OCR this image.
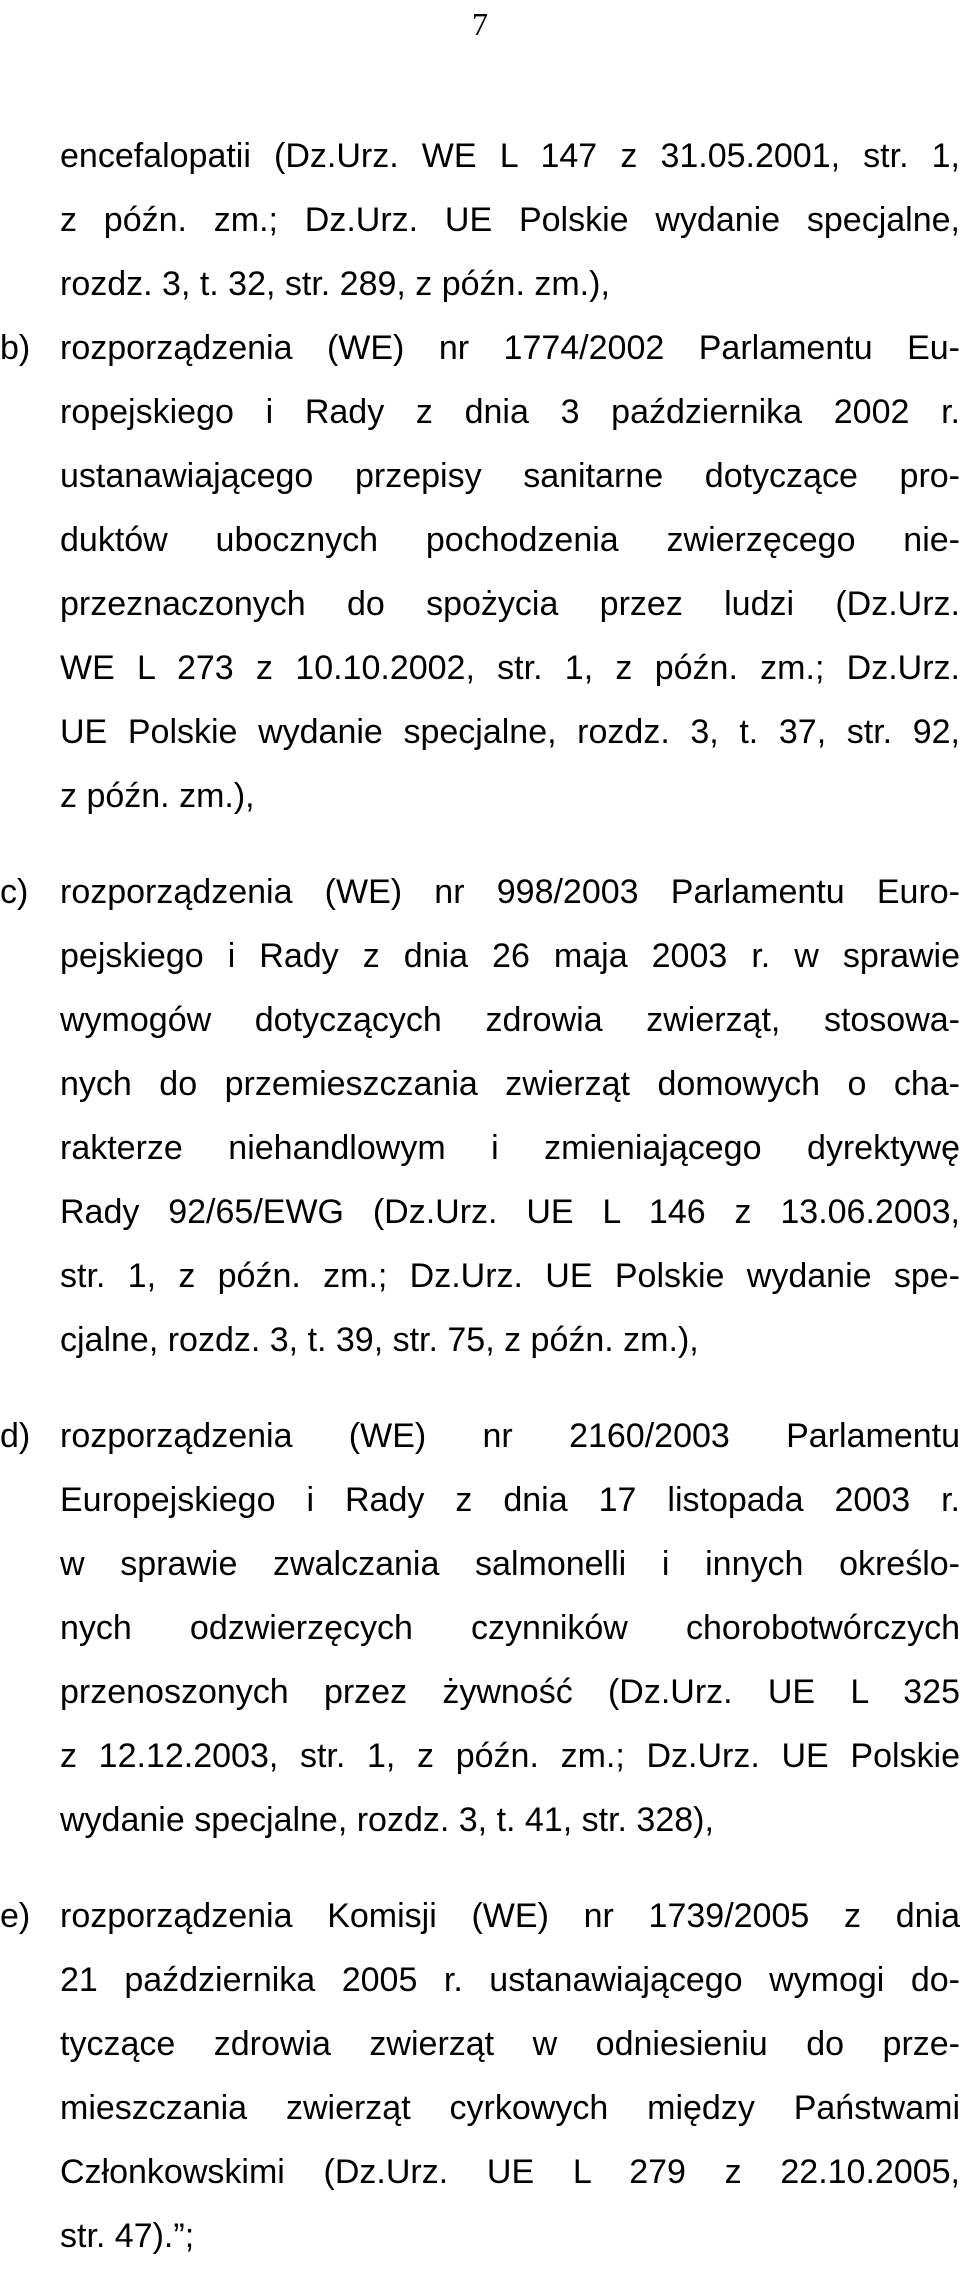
7
encefalopatii (Dz.Urz. WE L 147 z 31.05.2001, str. 1,
z późn. zm.; Dz.Urz. UE Polskie wydanie specjalne,
rozdz. 3, t. 32, str. 289, z późn. zm.),
b) rozporządzenia (WE) nr 1774/2002 Parlamentu Eu-
ropejskiego i Rady z dnia 3 października 2002 r.
ustanawiającego przepisy sanitarne dotyczące pro-
duktów ubocznych pochodzenia zwierzęcego nie-
przeznaczonych do spożycia przez ludzi (Dz.Urz.
WE L 273 z 10.10.2002, str. 1, z późn. zm.; Dz.Urz.
UE Polskie wydanie specjalne, rozdz. 3, t. 37, str. 92,
z późn. zm.),
c) rozporządzenia (WE) nr 998/2003 Parlamentu Euro-
pejskiego i Rady z dnia 26 maja 2003 r. w sprawie
wymogów dotyczących zdrowia zwierząt, stosowa-
nych do przemieszczania zwierząt domowych o cha-
rakterze niehandlowym i zmieniającego dyrektywę
Rady 92/65/EWG (Dz.Urz. UE L 146 z 13.06.2003,
str. 1, z późn. zm.; Dz.Urz. UE Polskie wydanie spe-
cjalne, rozdz. 3, t. 39, str. 75, z późn. zm.),
d) rozporządzenia (WE) nr 2160/2003 Parlamentu
Europejskiego i Rady z dnia 17 listopada 2003 r.
w sprawie zwalczania salmonelli i innych określo-
nych odzwierzęcych czynników chorobotwórczych
przenoszonych przez żywność (Dz.Urz. UE L 325
z 12.12.2003, str. 1, z późn. zm.; Dz.Urz. UE Polskie
wydanie specjalne, rozdz. 3, t. 41, str. 328),
e) rozporządzenia Komisji (WE) nr 1739/2005 z dnia
21 października 2005 r. ustanawiającego wymogi do-
tyczące zdrowia zwierząt w odniesieniu do prze-
mieszczania zwierząt cyrkowych między Państwami
Członkowskimi (Dz.Urz. UE L 279 z 22.10.2005,
str. 47).”;
